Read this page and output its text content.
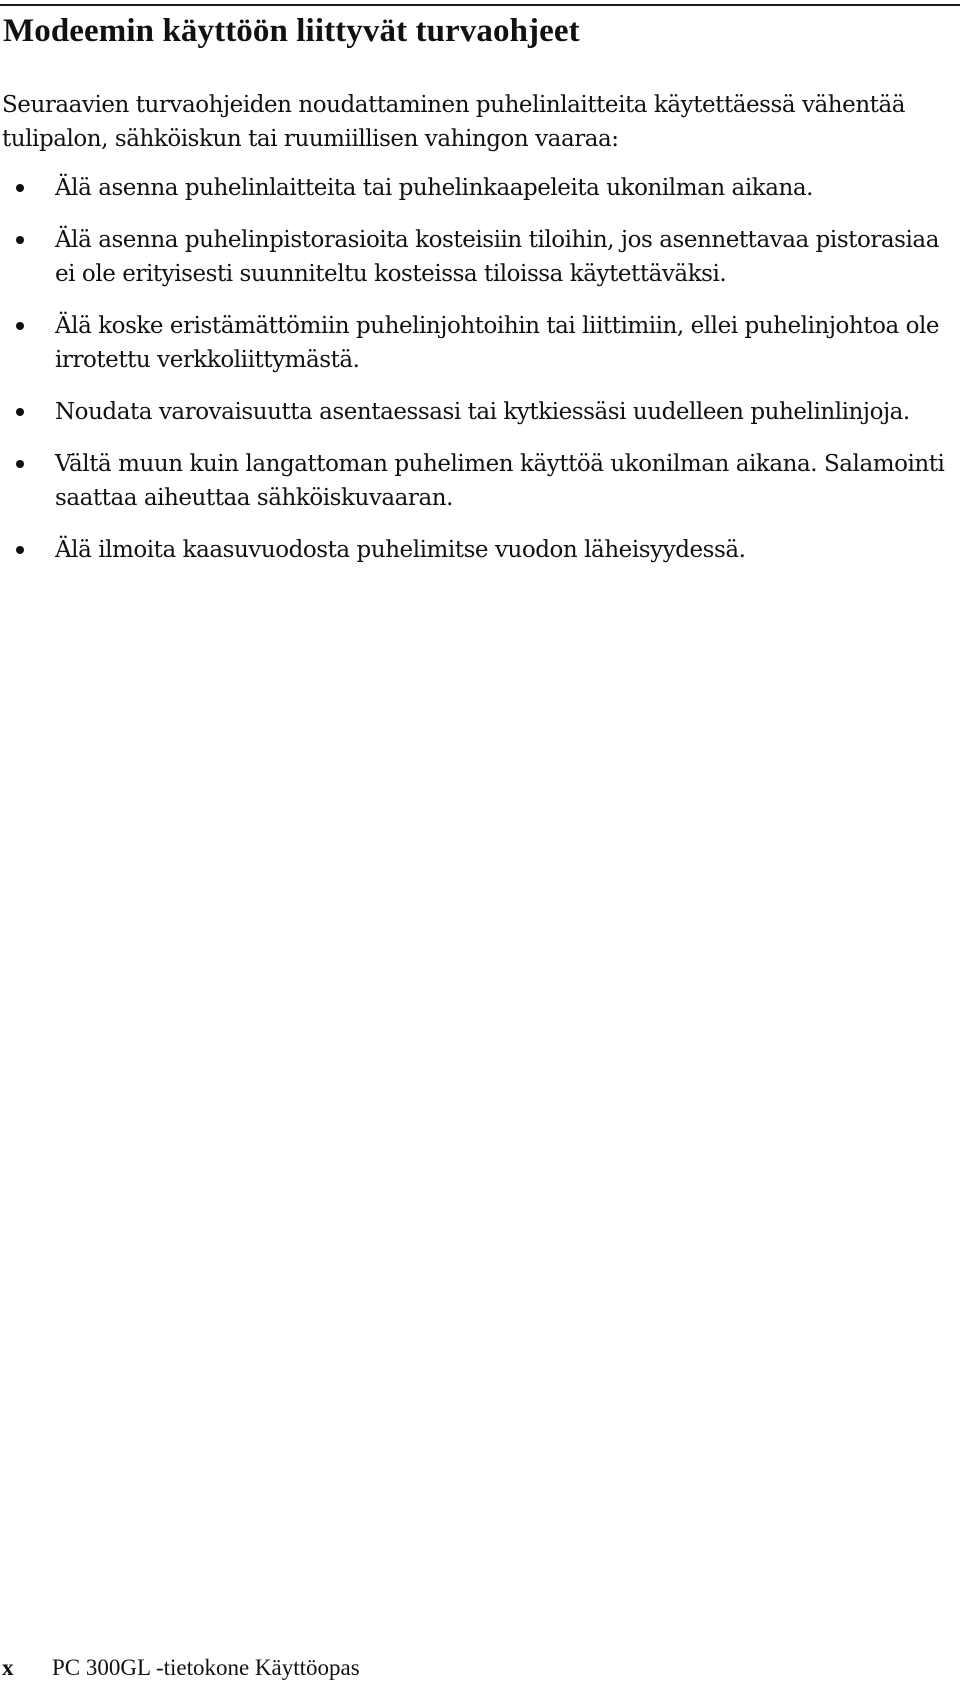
Modeemin käyttöön liittyvät turvaohjeet

Seuraavien turvaohjeiden noudattaminen puhelinlaitteita käytettäessä vähentää tulipalon, sähköiskun tai ruumiillisen vahingon vaaraa:

Älä asenna puhelinlaitteita tai puhelinkaapeleita ukonilman aikana.
Älä asenna puhelinpistorasioita kosteisiin tiloihin, jos asennettavaa pistorasiaa ei ole erityisesti suunniteltu kosteissa tiloissa käytettäväksi.
Älä koske eristämättömiin puhelinjohtoihin tai liittimiin, ellei puhelinjohtoa ole irrotettu verkkoliittymästä.
Noudata varovaisuutta asentaessasi tai kytkiessäsi uudelleen puhelinlinjoja.
Vältä muun kuin langattoman puhelimen käyttöä ukonilman aikana. Salamointi saattaa aiheuttaa sähköiskuvaaran.
Älä ilmoita kaasuvuodosta puhelimitse vuodon läheisyydessä.
x PC 300GL -tietokone Käyttöopas
